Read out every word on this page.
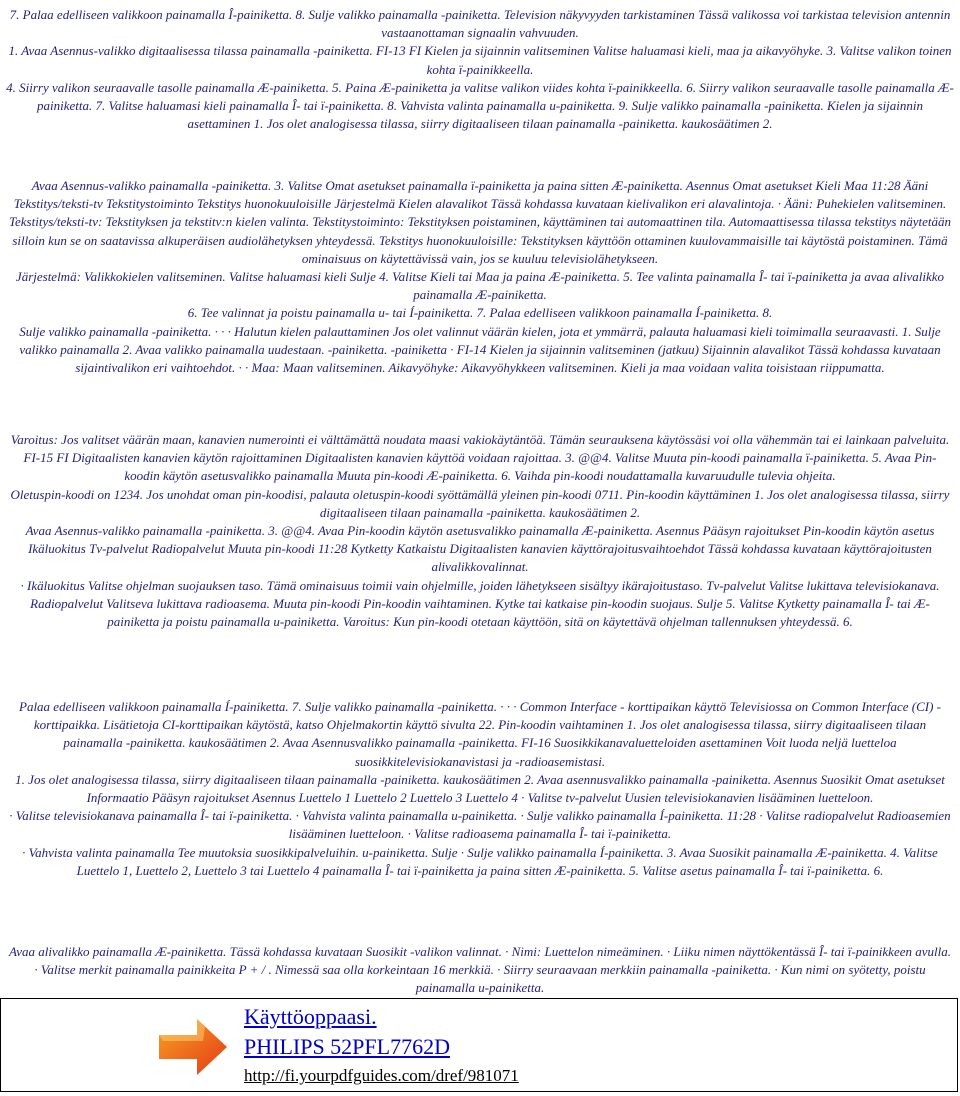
7. Palaa edelliseen valikkoon painamalla Î-painiketta. 8. Sulje valikko painamalla -painiketta. Television näkyvyyden tarkistaminen Tässä valikossa voi tarkistaa television antennin vastaanottaman signaalin vahvuuden.

1. Avaa Asennus-valikko digitaalisessa tilassa painamalla -painiketta. FI-13 FI Kielen ja sijainnin valitseminen Valitse haluamasi kieli, maa ja aikavyöhyke. 3. Valitse valikon toinen kohta ï-painikkeella.

4. Siirry valikon seuraavalle tasolle painamalla Æ-painiketta. 5. Paina Æ-painiketta ja valitse valikon viides kohta ï-painikkeella. 6. Siirry valikon seuraavalle tasolle painamalla Æ-painiketta. 7. Valitse haluamasi kieli painamalla Î- tai ï-painiketta. 8. Vahvista valinta painamalla u-painiketta. 9. Sulje valikko painamalla -painiketta. Kielen ja sijainnin asettaminen 1. Jos olet analogisessa tilassa, siirry digitaaliseen tilaan painamalla -painiketta. kaukosäätimen 2.

Avaa Asennus-valikko painamalla -painiketta. 3. Valitse Omat asetukset painamalla ï-painiketta ja paina sitten Æ-painiketta. Asennus Omat asetukset Kieli Maa 11:28 Ääni Tekstitys/teksti-tv Tekstitystoiminto Tekstitys huonokuuloisille Järjestelmä Kielen alavalikot Tässä kohdassa kuvataan kielivalikon eri alavalintoja. · Ääni: Puhekielen valitseminen. Tekstitys/teksti-tv: Tekstityksen ja tekstitv:n kielen valinta. Tekstitystoiminto: Tekstityksen poistaminen, käyttäminen tai automaattinen tila. Automaattisessa tilassa tekstitys näytetään silloin kun se on saatavissa alkuperäisen audiolähetyksen yhteydessä. Tekstitys huonokuuloisille: Tekstityksen käyttöön ottaminen kuulovammaisille tai käytöstä poistaminen. Tämä ominaisuus on käytettävissä vain, jos se kuuluu televisiolähetykseen.

Järjestelmä: Valikkokielen valitseminen. Valitse haluamasi kieli Sulje 4. Valitse Kieli tai Maa ja paina Æ-painiketta. 5. Tee valinta painamalla Î- tai ï-painiketta ja avaa alivalikko painamalla Æ-painiketta.

6. Tee valinnat ja poistu painamalla u- tai Í-painiketta. 7. Palaa edelliseen valikkoon painamalla Í-painiketta. 8.

Sulje valikko painamalla -painiketta. · · · Halutun kielen palauttaminen Jos olet valinnut väärän kielen, jota et ymmärrä, palauta haluamasi kieli toimimalla seuraavasti. 1. Sulje valikko painamalla 2. Avaa valikko painamalla uudestaan. -painiketta. -painiketta · FI-14 Kielen ja sijainnin valitseminen (jatkuu) Sijainnin alavalikot Tässä kohdassa kuvataan sijaintivalikon eri vaihtoehdot. · · Maa: Maan valitseminen. Aikavyöhyke: Aikavyöhykkeen valitseminen. Kieli ja maa voidaan valita toisistaan riippumatta.

Varoitus: Jos valitset väärän maan, kanavien numerointi ei välttämättä noudata maasi vakiokäytäntöä. Tämän seurauksena käytössäsi voi olla vähemmän tai ei lainkaan palveluita. FI-15 FI Digitaalisten kanavien käytön rajoittaminen Digitaalisten kanavien käyttöä voidaan rajoittaa. 3. @@4. Valitse Muuta pin-koodi painamalla ï-painiketta. 5. Avaa Pin-koodin käytön asetusvalikko painamalla Muuta pin-koodi Æ-painiketta. 6. Vaihda pin-koodi noudattamalla kuvaruudulle tulevia ohjeita.

Oletuspin-koodi on 1234. Jos unohdat oman pin-koodisi, palauta oletuspin-koodi syöttämällä yleinen pin-koodi 0711. Pin-koodin käyttäminen 1. Jos olet analogisessa tilassa, siirry digitaaliseen tilaan painamalla -painiketta. kaukosäätimen 2.

Avaa Asennus-valikko painamalla -painiketta. 3. @@4. Avaa Pin-koodin käytön asetusvalikko painamalla Æ-painiketta. Asennus Pääsyn rajoitukset Pin-koodin käytön asetus Ikäluokitus Tv-palvelut Radiopalvelut Muuta pin-koodi 11:28 Kytketty Katkaistu Digitaalisten kanavien käyttörajoitusvaihtoehdot Tässä kohdassa kuvataan käyttörajoitusten alivalikkovalinnat.

· Ikäluokitus Valitse ohjelman suojauksen taso. Tämä ominaisuus toimii vain ohjelmille, joiden lähetykseen sisältyy ikärajoitustaso. Tv-palvelut Valitse lukittava televisiokanava. Radiopalvelut Valitseva lukittava radioasema. Muuta pin-koodi Pin-koodin vaihtaminen. Kytke tai katkaise pin-koodin suojaus. Sulje 5. Valitse Kytketty painamalla Î- tai Æ-painiketta ja poistu painamalla u-painiketta. Varoitus: Kun pin-koodi otetaan käyttöön, sitä on käytettävä ohjelman tallennuksen yhteydessä. 6.

Palaa edelliseen valikkoon painamalla Í-painiketta. 7. Sulje valikko painamalla -painiketta. · · · Common Interface - korttipaikan käyttö Televisiossa on Common Interface (CI) -korttipaikka. Lisätietoja CI-korttipaikan käytöstä, katso Ohjelmakortin käyttö sivulta 22. Pin-koodin vaihtaminen 1. Jos olet analogisessa tilassa, siirry digitaaliseen tilaan painamalla -painiketta. kaukosäätimen 2. Avaa Asennusvalikko painamalla -painiketta. FI-16 Suosikkikanavaluetteloiden asettaminen Voit luoda neljä luetteloa suosikkitelevisiokanavistasi ja -radioasemistasi.

1. Jos olet analogisessa tilassa, siirry digitaaliseen tilaan painamalla -painiketta. kaukosäätimen 2. Avaa asennusvalikko painamalla -painiketta. Asennus Suosikit Omat asetukset Informaatio Pääsyn rajoitukset Asennus Luettelo 1 Luettelo 2 Luettelo 3 Luettelo 4 · Valitse tv-palvelut Uusien televisiokanavien lisääminen luetteloon.

· Valitse televisiokanava painamalla Î- tai ï-painiketta. · Vahvista valinta painamalla u-painiketta. · Sulje valikko painamalla Í-painiketta. 11:28 · Valitse radiopalvelut Radioasemien lisääminen luetteloon. · Valitse radioasema painamalla Î- tai ï-painiketta.

· Vahvista valinta painamalla Tee muutoksia suosikkipalveluihin. u-painiketta. Sulje · Sulje valikko painamalla Í-painiketta. 3. Avaa Suosikit painamalla Æ-painiketta. 4. Valitse Luettelo 1, Luettelo 2, Luettelo 3 tai Luettelo 4 painamalla Î- tai ï-painiketta ja paina sitten Æ-painiketta. 5. Valitse asetus painamalla Î- tai ï-painiketta. 6.

Avaa alivalikko painamalla Æ-painiketta. Tässä kohdassa kuvataan Suosikit -valikon valinnat. · Nimi: Luettelon nimeäminen. · Liiku nimen näyttökentässä Î- tai ï-painikkeen avulla. · Valitse merkit painamalla painikkeita P + / . Nimessä saa olla korkeintaan 16 merkkiä. · Siirry seuraavaan merkkiin painamalla -painiketta. · Kun nimi on syötetty, poistu painamalla u-painiketta.

Käyttöoppaasi.
PHILIPS 52PFL7762D
http://fi.yourpdfguides.com/dref/981071
